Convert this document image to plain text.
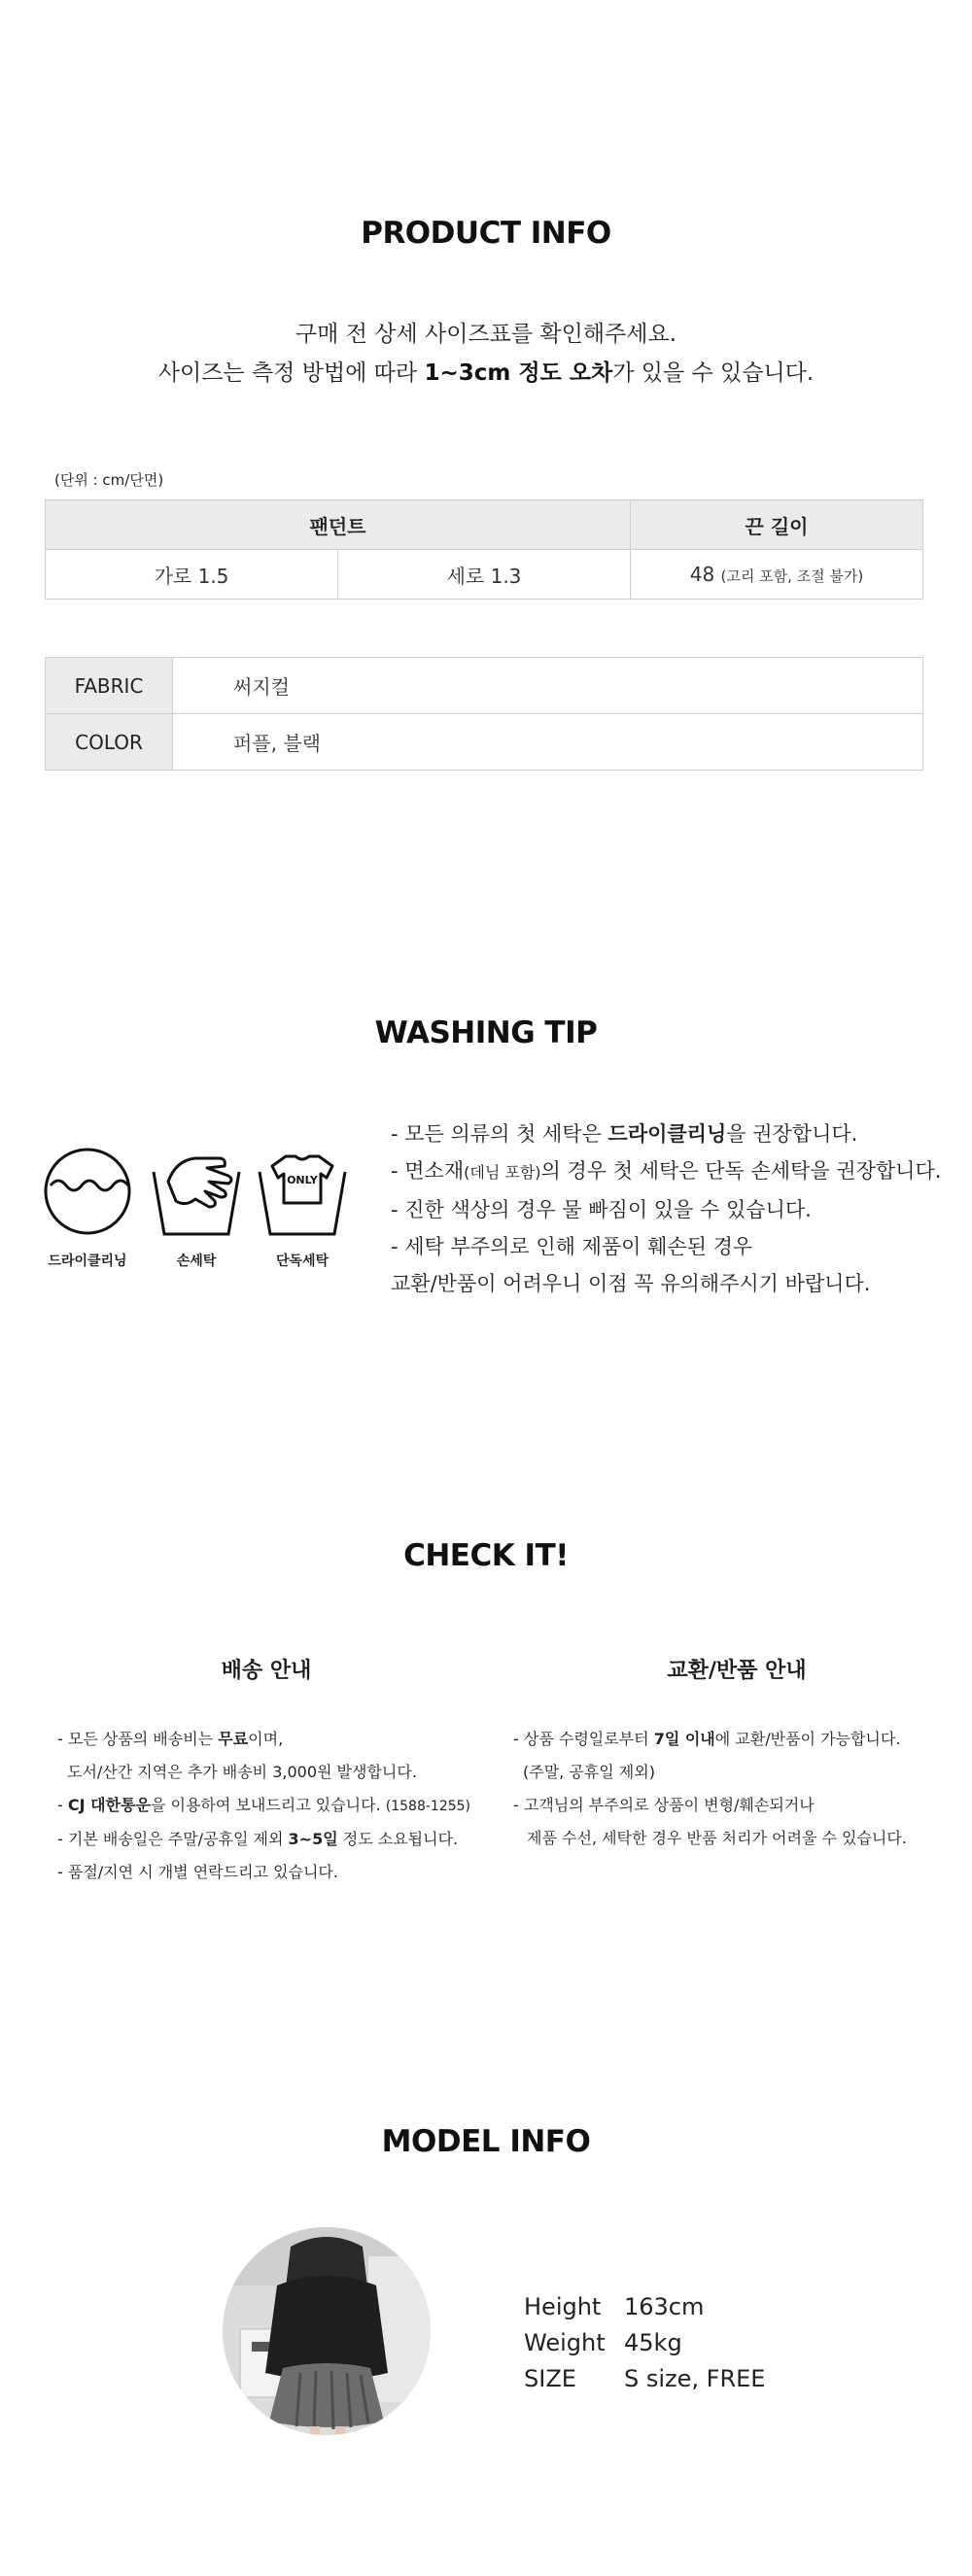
PRODUCT INFO
구매 전 상세 사이즈표를 확인해주세요.
사이즈는 측정 방법에 따라 1~3cm 정도 오차가 있을 수 있습니다.
(단위 : cm/단면)
팬던트		끈 길이
가로 1.5	세로 1.3	48 (고리 포함, 조절 불가)
FABRIC	써지컬
COLOR	퍼플, 블랙
WASHING TIP
드라이클리닝	손세탁
ONLY
단독세탁
- 모든 의류의 첫 세탁은 드라이클리닝을 권장합니다.
- 면소재(데님 포함)의 경우 첫 세탁은 단독 손세탁을 권장합니다.
- 진한 색상의 경우 물 빠짐이 있을 수 있습니다.
- 세탁 부주의로 인해 제품이 훼손된 경우
교환/반품이 어려우니 이점 꼭 유의해주시기 바랍니다.
CHECK IT!
배송 안내
- 모든 상품의 배송비는 무료이며,
도서/산간 지역은 추가 배송비 3,000원 발생합니다.
- CJ 대한통운을 이용하여 보내드리고 있습니다. (1588-1255)
- 기본 배송일은 주말/공휴일 제외 3~5일 정도 소요됩니다.
- 품절/지연 시 개별 연락드리고 있습니다.
교환/반품 안내
- 상품 수령일로부터 7일 이내에 교환/반품이 가능합니다.
(주말, 공휴일 제외)
- 고객님의 부주의로 상품이 변형/훼손되거나
제품 수선, 세탁한 경우 반품 처리가 어려울 수 있습니다.
MODEL INFO
Height 163cm
Weight 45kg
SIZE S size, FREE
